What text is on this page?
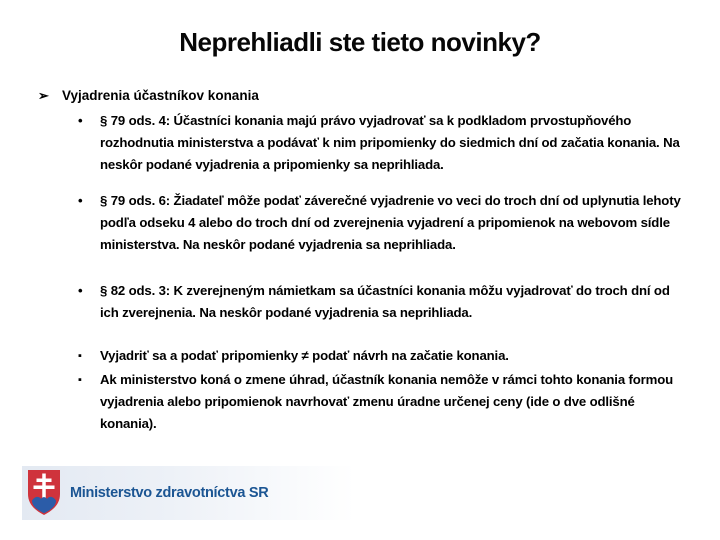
Neprehliadli ste tieto novinky?
➢ Vyjadrenia účastníkov konania
•	§ 79 ods. 4: Účastníci konania majú právo vyjadrovať sa k podkladom prvostupňového rozhodnutia ministerstva a podávať k nim pripomienky do siedmich dní od začatia konania. Na neskôr podané vyjadrenia a pripomienky sa neprihliada.
•	§ 79 ods. 6: Žiadateľ môže podať záverečné vyjadrenie vo veci do troch dní od uplynutia lehoty podľa odseku 4 alebo do troch dní od zverejnenia vyjadrení a pripomienok na webovom sídle ministerstva. Na neskôr podané vyjadrenia sa neprihliada.
•	§ 82 ods. 3: K zverejneným námietkam sa účastníci konania môžu vyjadrovať do troch dní od ich zverejnenia. Na neskôr podané vyjadrenia sa neprihliada.
▪	Vyjadriť sa a podať pripomienky ≠ podať návrh na začatie konania.
▪	Ak ministerstvo koná o zmene úhrad, účastník konania nemôže v rámci tohto konania formou vyjadrenia alebo pripomienok navrhovať zmenu úradne určenej ceny (ide o dve odlišné konania).
Ministerstvo zdravotníctva SR
